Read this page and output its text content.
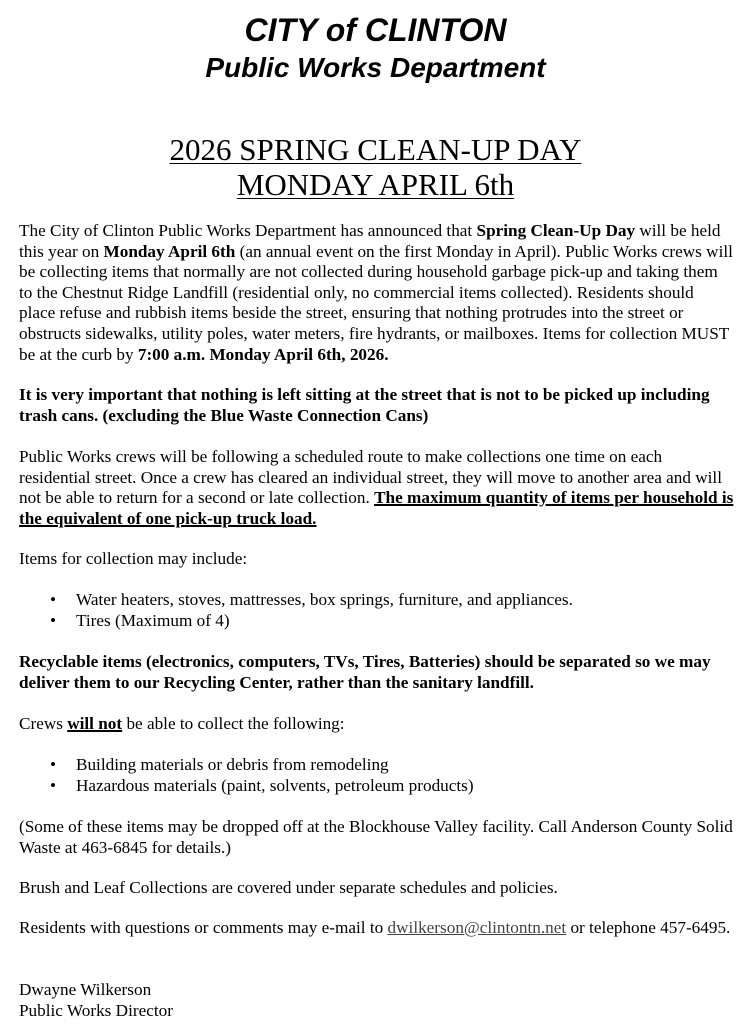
CITY of CLINTON
Public Works Department
2026 SPRING CLEAN-UP DAY
MONDAY APRIL 6th
The City of Clinton Public Works Department has announced that Spring Clean-Up Day will be held this year on Monday April 6th (an annual event on the first Monday in April). Public Works crews will be collecting items that normally are not collected during household garbage pick-up and taking them to the Chestnut Ridge Landfill (residential only, no commercial items collected). Residents should place refuse and rubbish items beside the street, ensuring that nothing protrudes into the street or obstructs sidewalks, utility poles, water meters, fire hydrants, or mailboxes. Items for collection MUST be at the curb by 7:00 a.m. Monday April 6th, 2026.
It is very important that nothing is left sitting at the street that is not to be picked up including trash cans. (excluding the Blue Waste Connection Cans)
Public Works crews will be following a scheduled route to make collections one time on each residential street. Once a crew has cleared an individual street, they will move to another area and will not be able to return for a second or late collection. The maximum quantity of items per household is the equivalent of one pick-up truck load.
Items for collection may include:
• Water heaters, stoves, mattresses, box springs, furniture, and appliances.
• Tires (Maximum of 4)
Recyclable items (electronics, computers, TVs, Tires, Batteries) should be separated so we may deliver them to our Recycling Center, rather than the sanitary landfill.
Crews will not be able to collect the following:
• Building materials or debris from remodeling
• Hazardous materials (paint, solvents, petroleum products)
(Some of these items may be dropped off at the Blockhouse Valley facility. Call Anderson County Solid Waste at 463-6845 for details.)
Brush and Leaf Collections are covered under separate schedules and policies.
Residents with questions or comments may e-mail to dwilkerson@clintontn.net or telephone 457-6495.
Dwayne Wilkerson
Public Works Director
